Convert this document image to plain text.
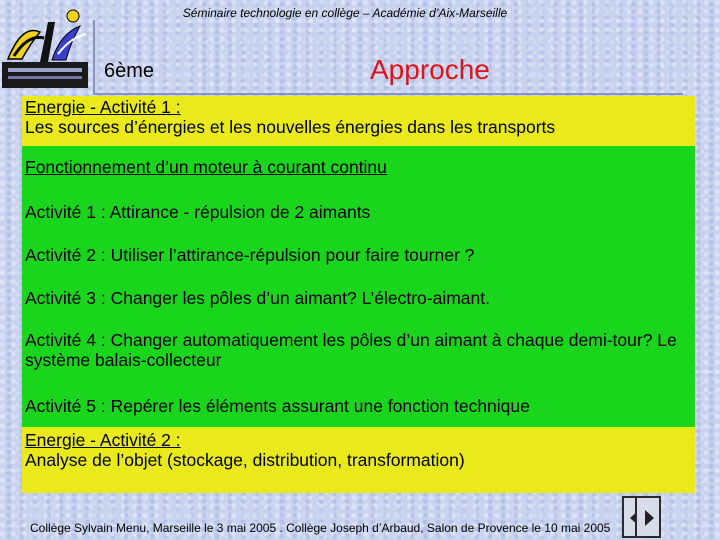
Séminaire technologie en collège – Académie d’Aix-Marseille
6ème	Approche
Energie - Activité 1 :
Les sources d’énergies et les nouvelles énergies dans les transports
Fonctionnement d’un moteur à courant continu
Activité 1 : Attirance - répulsion de 2 aimants
Activité 2 : Utiliser l’attirance-répulsion pour faire tourner ?
Activité 3 : Changer les pôles d’un aimant? L’électro-aimant.
Activité 4 : Changer automatiquement les pôles d’un aimant à chaque demi-tour? Le système balais-collecteur
Activité 5 : Repérer les éléments assurant une fonction technique
Energie - Activité 2 :
Analyse de l’objet (stockage, distribution, transformation)
Collège Sylvain Menu, Marseille le 3 mai 2005 . Collège Joseph d’Arbaud, Salon de Provence le 10 mai 2005
